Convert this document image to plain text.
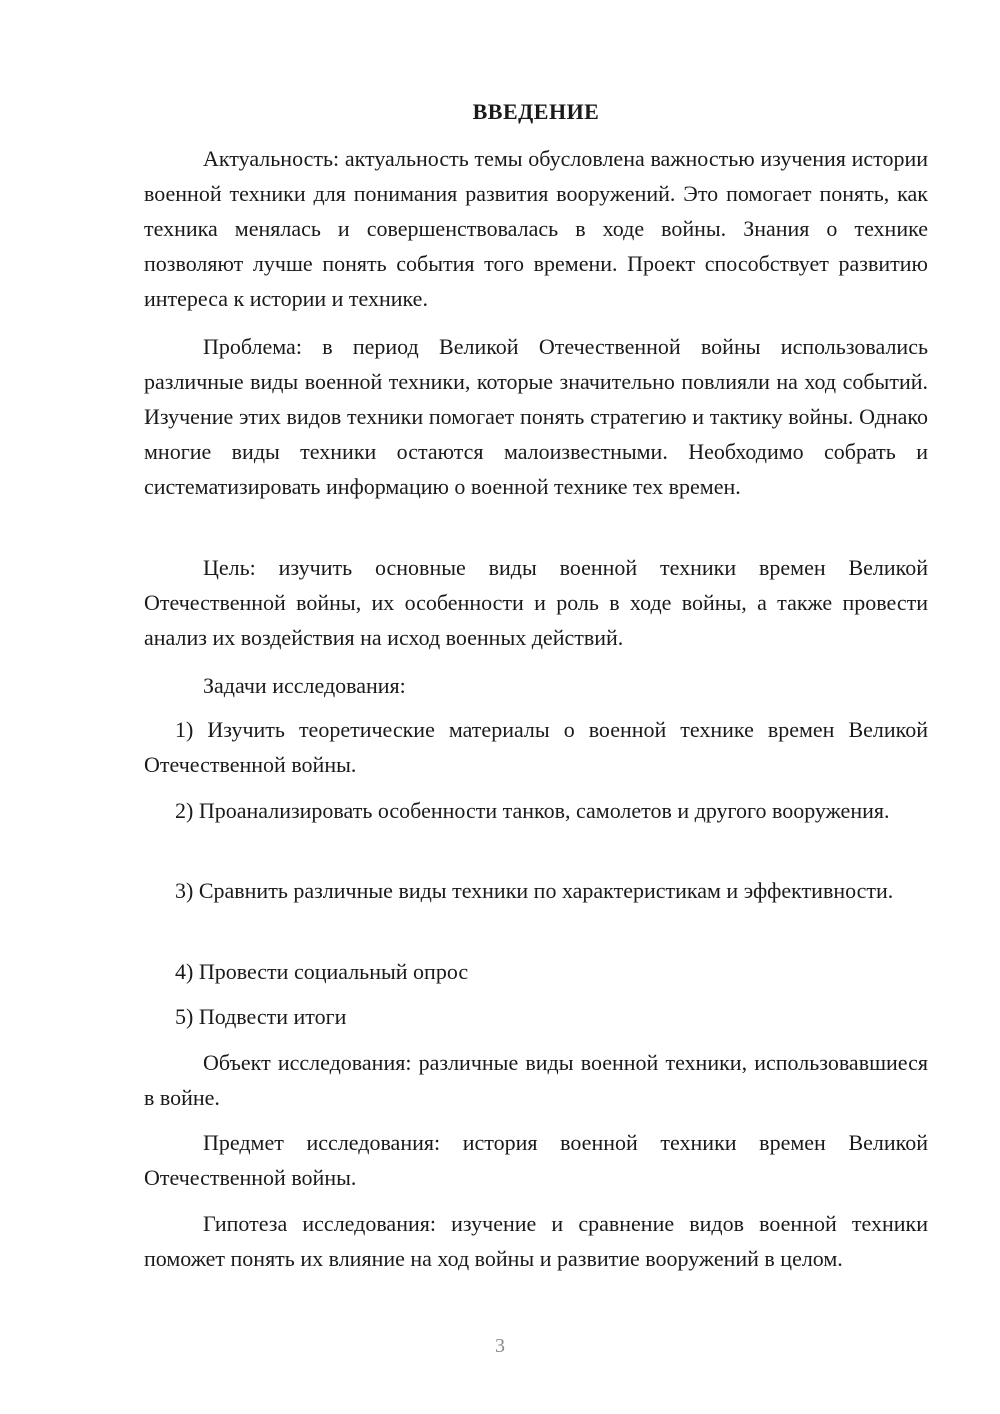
ВВЕДЕНИЕ

Актуальность: актуальность темы обусловлена важностью изучения истории военной техники для понимания развития вооружений. Это помогает понять, как техника менялась и совершенствовалась в ходе войны. Знания о технике позволяют лучше понять события того времени. Проект способствует развитию интереса к истории и технике.

Проблема: в период Великой Отечественной войны использовались различные виды военной техники, которые значительно повлияли на ход событий. Изучение этих видов техники помогает понять стратегию и тактику войны. Однако многие виды техники остаются малоизвестными. Необходимо собрать и систематизировать информацию о военной технике тех времен.

Цель: изучить основные виды военной техники времен Великой Отечественной войны, их особенности и роль в ходе войны, а также провести анализ их воздействия на исход военных действий.

Задачи исследования:

1) Изучить теоретические материалы о военной технике времен Великой Отечественной войны.

2) Проанализировать особенности танков, самолетов и другого вооружения.

3) Сравнить различные виды техники по характеристикам и эффективности.

4) Провести социальный опрос

5) Подвести итоги

Объект исследования: различные виды военной техники, использовавшиеся в войне.

Предмет исследования: история военной техники времен Великой Отечественной войны.

Гипотеза исследования: изучение и сравнение видов военной техники поможет понять их влияние на ход войны и развитие вооружений в целом.

3
